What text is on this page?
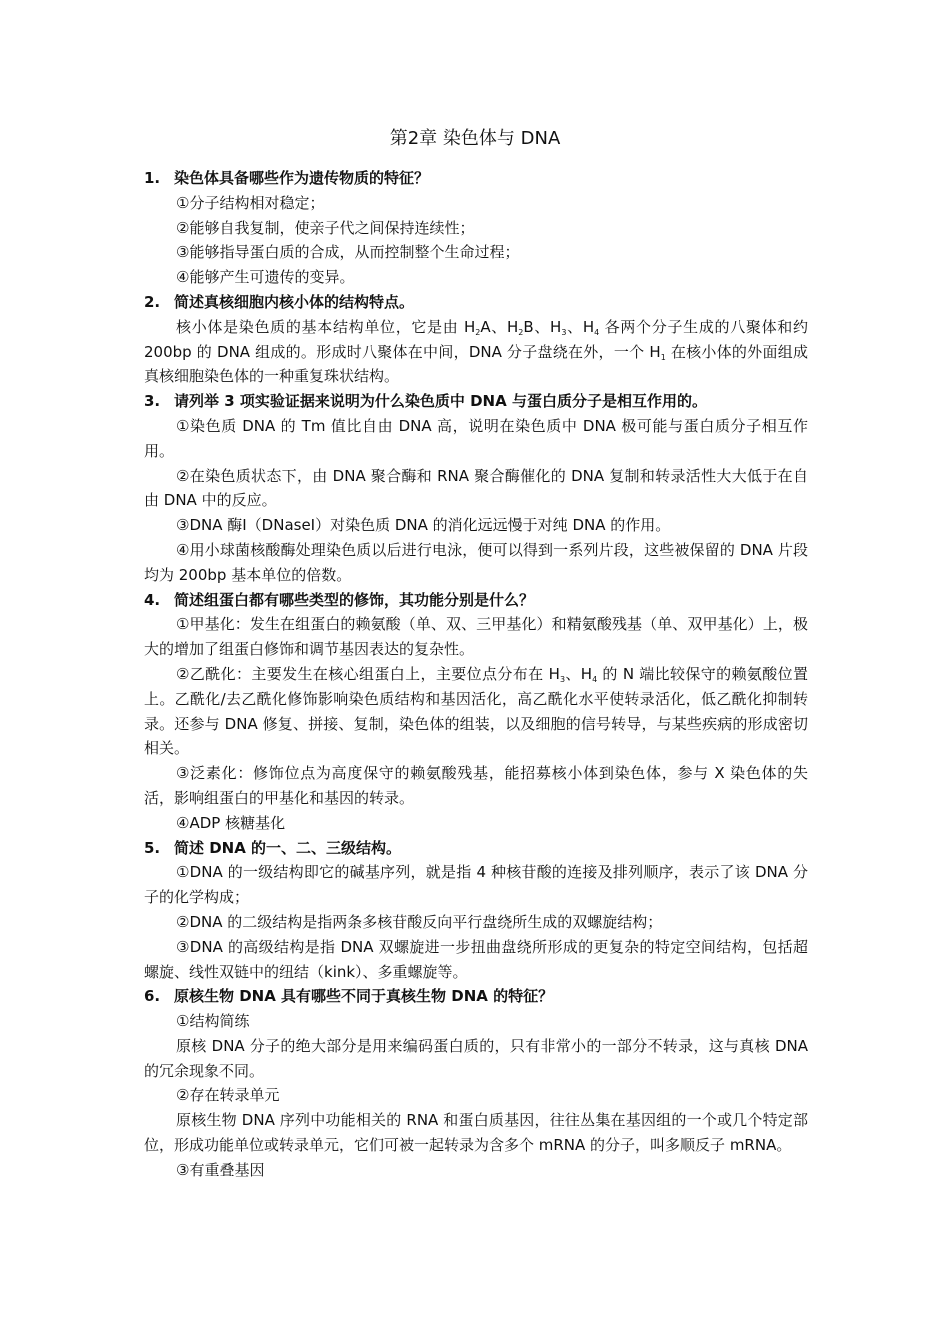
第2章 染色体与 DNA
1. 染色体具备哪些作为遗传物质的特征？
①分子结构相对稳定；
②能够自我复制，使亲子代之间保持连续性；
③能够指导蛋白质的合成，从而控制整个生命过程；
④能够产生可遗传的变异。
2. 简述真核细胞内核小体的结构特点。
核小体是染色质的基本结构单位，它是由 $H_2A$、$H_2B$、$H_3$、$H_4$ 各两个分子生成的八聚体和约 200bp 的 DNA 组成的。形成时八聚体在中间，DNA 分子盘绕在外，一个 $H_1$ 在核小体的外面组成真核细胞染色体的一种重复珠状结构。
3. 请列举 3 项实验证据来说明为什么染色质中 DNA 与蛋白质分子是相互作用的。
①染色质 DNA 的 Tm 值比自由 DNA 高，说明在染色质中 DNA 极可能与蛋白质分子相互作用。
②在染色质状态下，由 DNA 聚合酶和 RNA 聚合酶催化的 DNA 复制和转录活性大大低于在自由 DNA 中的反应。
③DNA 酶Ⅰ（DNaseⅠ）对染色质 DNA 的消化远远慢于对纯 DNA 的作用。
④用小球菌核酸酶处理染色质以后进行电泳，便可以得到一系列片段，这些被保留的 DNA 片段均为 200bp 基本单位的倍数。
4. 简述组蛋白都有哪些类型的修饰，其功能分别是什么？
①甲基化：发生在组蛋白的赖氨酸（单、双、三甲基化）和精氨酸残基（单、双甲基化）上，极大的增加了组蛋白修饰和调节基因表达的复杂性。
②乙酰化：主要发生在核心组蛋白上，主要位点分布在 $H_3$、$H_4$ 的 N 端比较保守的赖氨酸位置上。乙酰化/去乙酰化修饰影响染色质结构和基因活化，高乙酰化水平使转录活化，低乙酰化抑制转录。还参与 DNA 修复、拼接、复制，染色体的组装，以及细胞的信号转导，与某些疾病的形成密切相关。
③泛素化：修饰位点为高度保守的赖氨酸残基，能招募核小体到染色体，参与 X 染色体的失活，影响组蛋白的甲基化和基因的转录。
④ADP 核糖基化
5. 简述 DNA 的一、二、三级结构。
①DNA 的一级结构即它的碱基序列，就是指 4 种核苷酸的连接及排列顺序，表示了该 DNA 分子的化学构成；
②DNA 的二级结构是指两条多核苷酸反向平行盘绕所生成的双螺旋结构；
③DNA 的高级结构是指 DNA 双螺旋进一步扭曲盘绕所形成的更复杂的特定空间结构，包括超螺旋、线性双链中的纽结（kink）、多重螺旋等。
6. 原核生物 DNA 具有哪些不同于真核生物 DNA 的特征？
①结构简练
原核 DNA 分子的绝大部分是用来编码蛋白质的，只有非常小的一部分不转录，这与真核 DNA 的冗余现象不同。
②存在转录单元
原核生物 DNA 序列中功能相关的 RNA 和蛋白质基因，往往丛集在基因组的一个或几个特定部位，形成功能单位或转录单元，它们可被一起转录为含多个 mRNA 的分子，叫多顺反子 mRNA。
③有重叠基因
